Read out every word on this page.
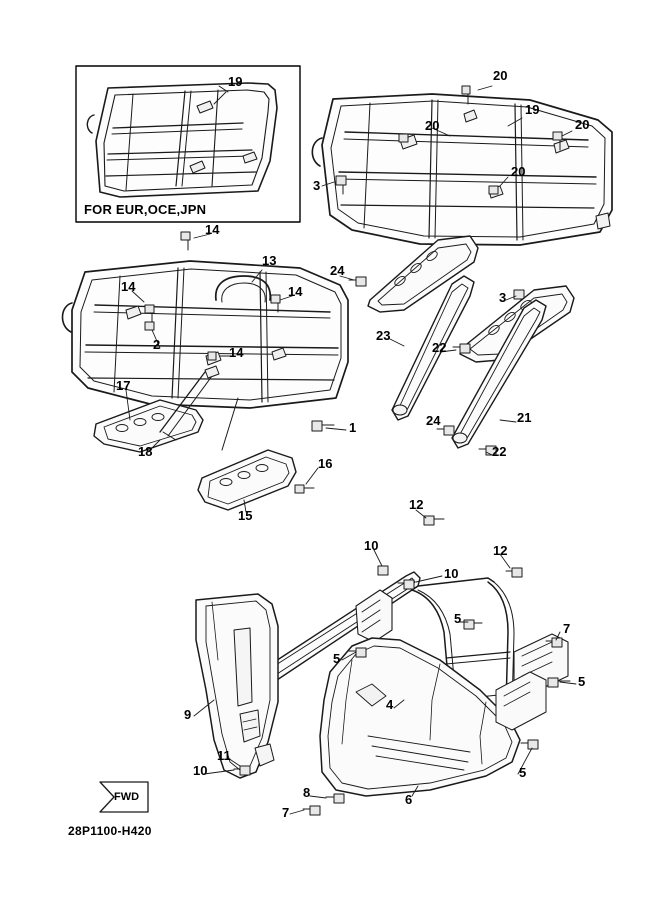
19	20
19
20	20
20
3
14
13
24
14	14	3
2
14
23
22
17
1
21
24
18	22
16
15
12
12
10
10
5
7
5
5
4
9
5
11
10
8	6
7
FOR EUR,OCE,JPN
FWD
28P1100-H420
